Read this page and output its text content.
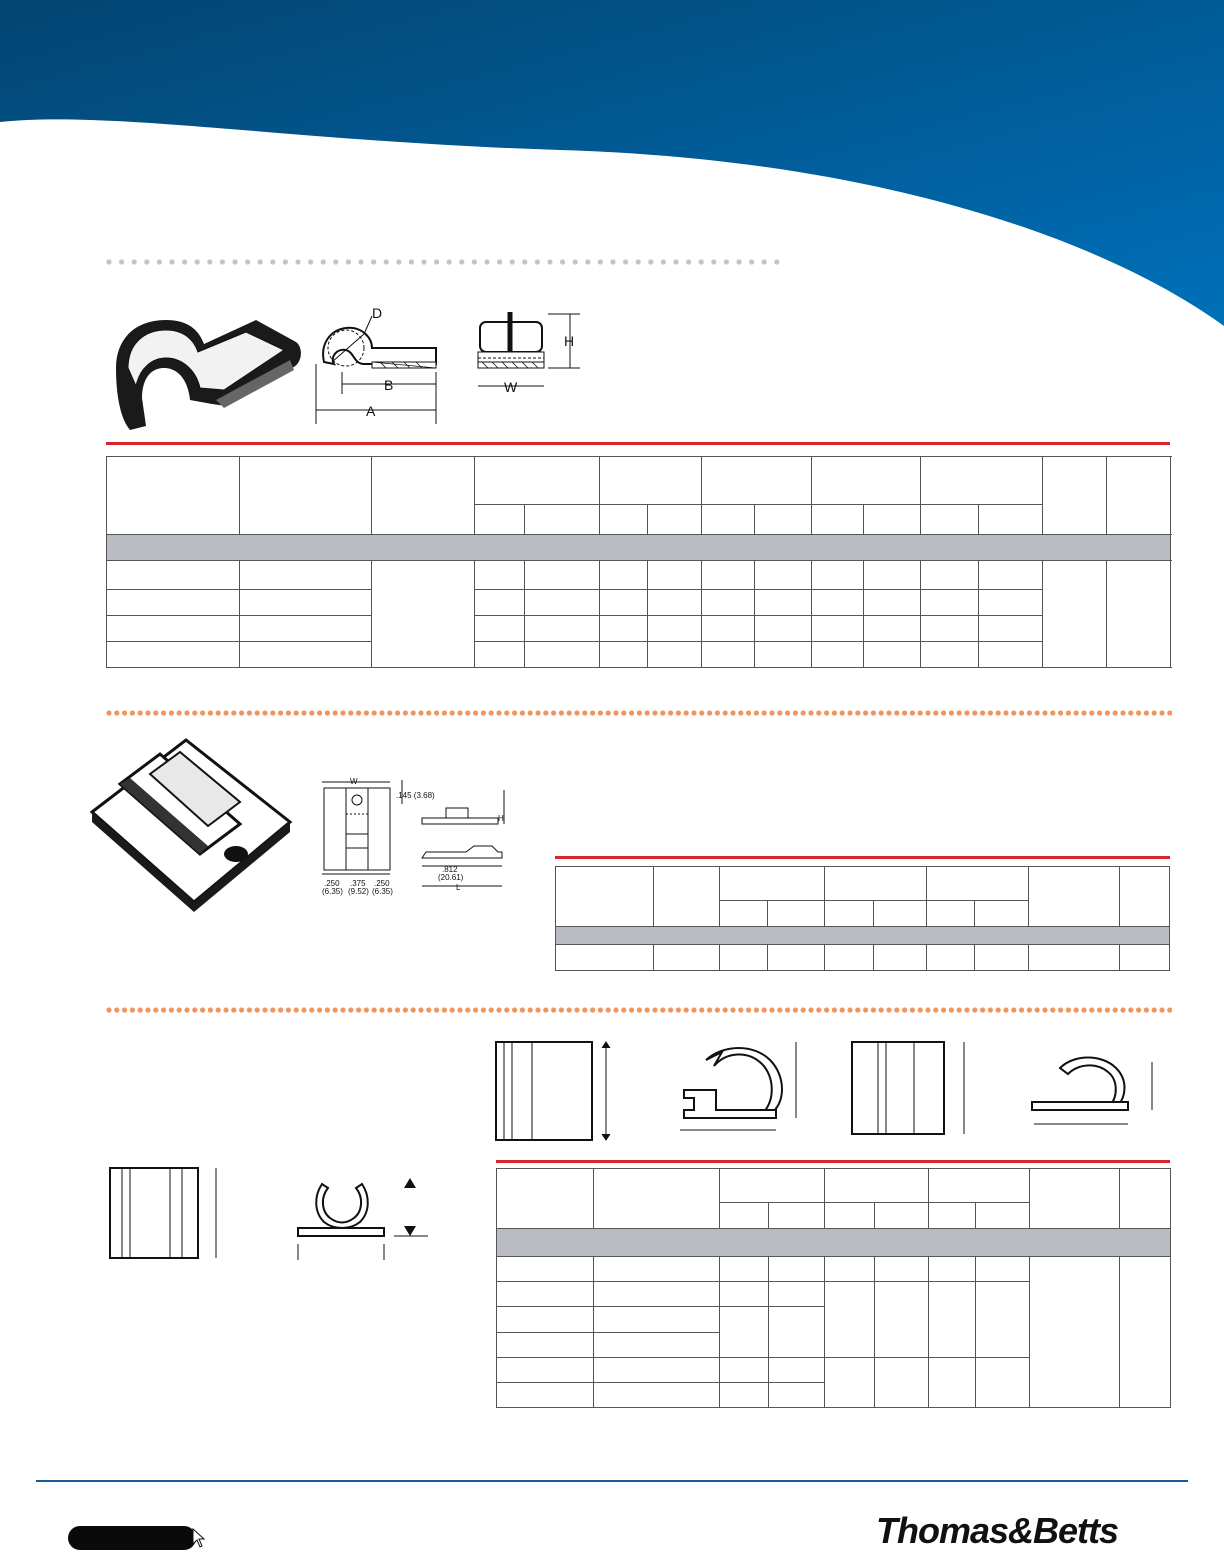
D
B
A
H
W

W
.145 (3.68)
.250
(6.35)
.375
(9.52)
.250
(6.35)
H
.812
(20.61)
L

Thomas&Betts
